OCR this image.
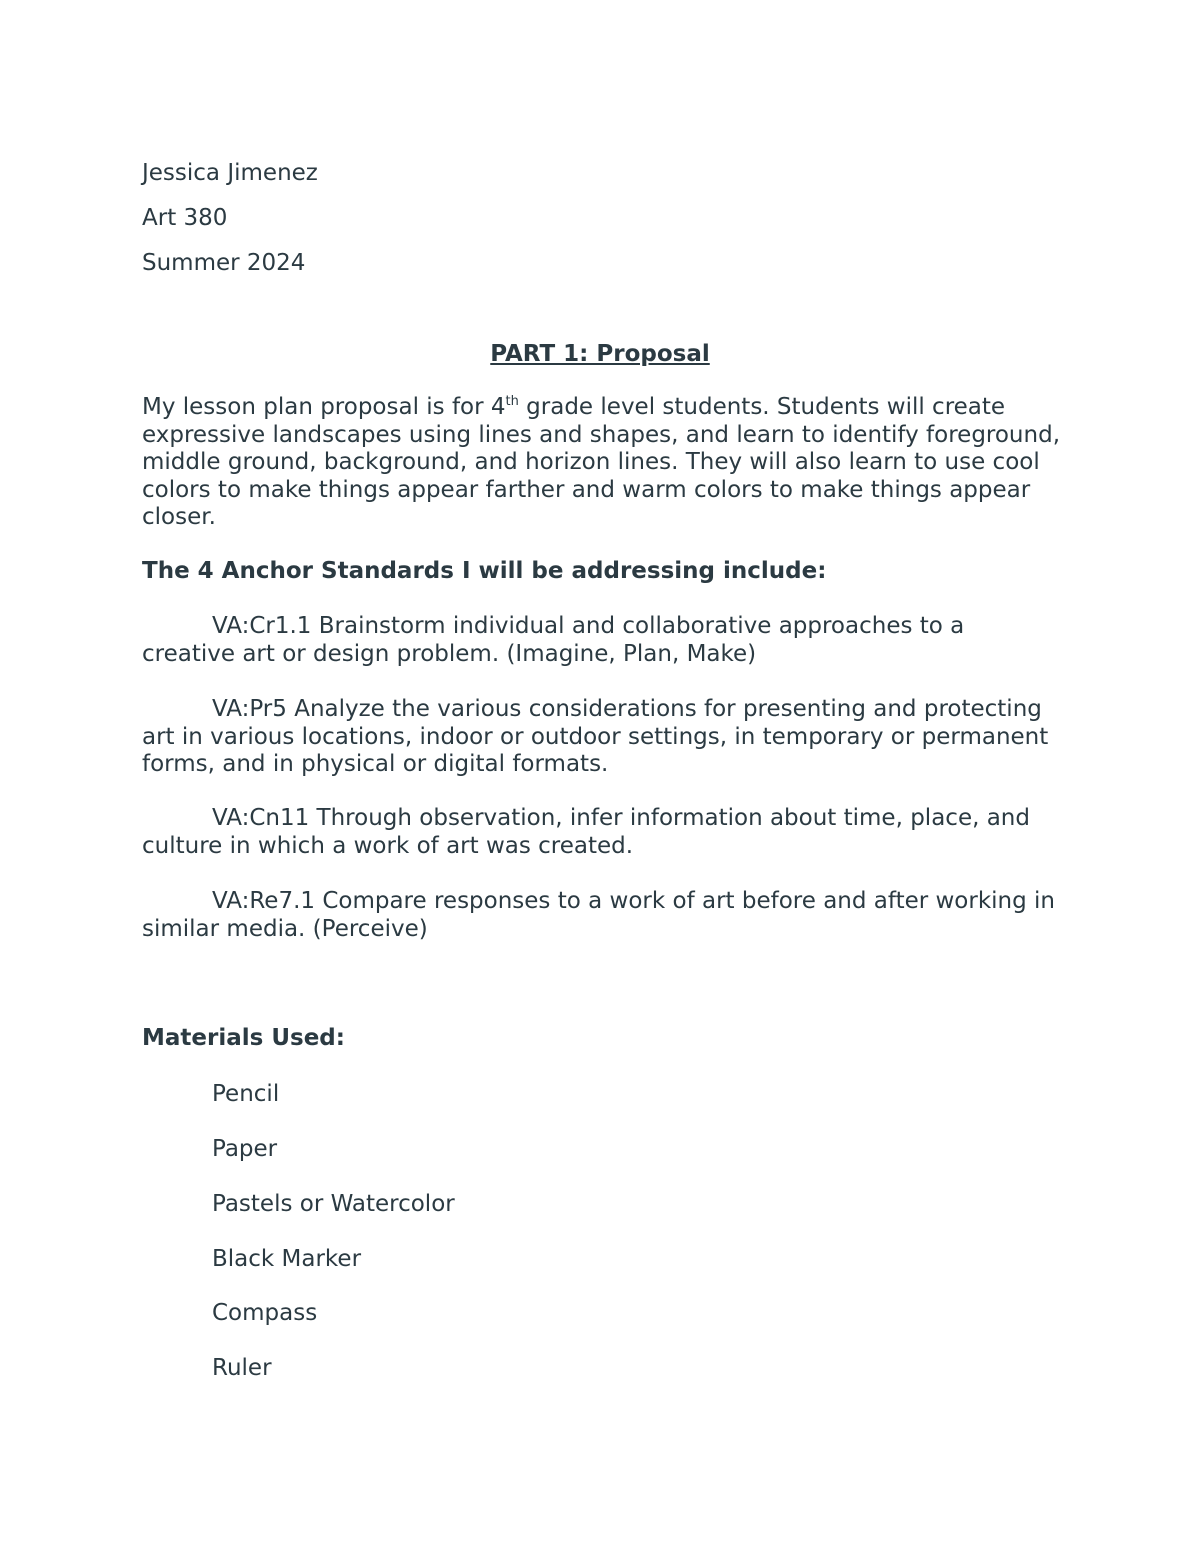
Jessica Jimenez
Art 380
Summer 2024
PART 1: Proposal
My lesson plan proposal is for 4th grade level students. Students will create expressive landscapes using lines and shapes, and learn to identify foreground, middle ground, background, and horizon lines. They will also learn to use cool colors to make things appear farther and warm colors to make things appear closer.
The 4 Anchor Standards I will be addressing include:
VA:Cr1.1 Brainstorm individual and collaborative approaches to a creative art or design problem. (Imagine, Plan, Make)
VA:Pr5 Analyze the various considerations for presenting and protecting art in various locations, indoor or outdoor settings, in temporary or permanent forms, and in physical or digital formats.
VA:Cn11 Through observation, infer information about time, place, and culture in which a work of art was created.
VA:Re7.1 Compare responses to a work of art before and after working in similar media. (Perceive)
Materials Used:
Pencil
Paper
Pastels or Watercolor
Black Marker
Compass
Ruler
